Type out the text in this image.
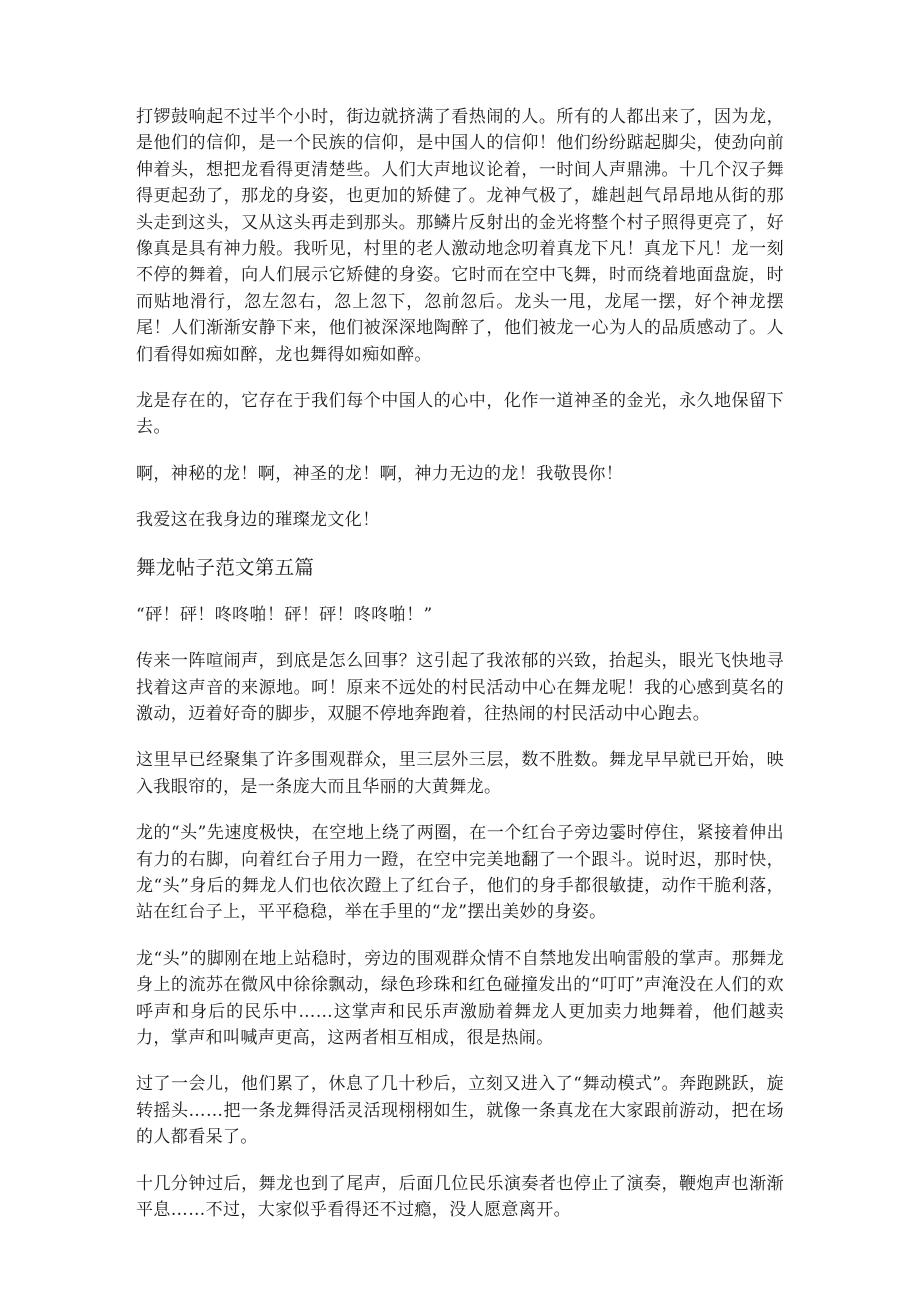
打锣鼓响起不过半个小时，街边就挤满了看热闹的人。所有的人都出来了，因为龙，是他们的信仰，是一个民族的信仰，是中国人的信仰！他们纷纷踮起脚尖，使劲向前伸着头，想把龙看得更清楚些。人们大声地议论着，一时间人声鼎沸。十几个汉子舞得更起劲了，那龙的身姿，也更加的矫健了。龙神气极了，雄赳赳气昂昂地从街的那头走到这头，又从这头再走到那头。那鳞片反射出的金光将整个村子照得更亮了，好像真是具有神力般。我听见，村里的老人激动地念叨着真龙下凡！真龙下凡！龙一刻不停的舞着，向人们展示它矫健的身姿。它时而在空中飞舞，时而绕着地面盘旋，时而贴地滑行，忽左忽右，忽上忽下，忽前忽后。龙头一甩，龙尾一摆，好个神龙摆尾！人们渐渐安静下来，他们被深深地陶醉了，他们被龙一心为人的品质感动了。人们看得如痴如醉，龙也舞得如痴如醉。

龙是存在的，它存在于我们每个中国人的心中，化作一道神圣的金光，永久地保留下去。

啊，神秘的龙！啊，神圣的龙！啊，神力无边的龙！我敬畏你！

我爱这在我身边的璀璨龙文化！

舞龙帖子范文第五篇

“砰！砰！咚咚啪！砰！砰！咚咚啪！”

传来一阵喧闹声，到底是怎么回事？这引起了我浓郁的兴致，抬起头，眼光飞快地寻找着这声音的来源地。呵！原来不远处的村民活动中心在舞龙呢！我的心感到莫名的激动，迈着好奇的脚步，双腿不停地奔跑着，往热闹的村民活动中心跑去。

这里早已经聚集了许多围观群众，里三层外三层，数不胜数。舞龙早早就已开始，映入我眼帘的，是一条庞大而且华丽的大黄舞龙。

龙的“头”先速度极快，在空地上绕了两圈，在一个红台子旁边霎时停住，紧接着伸出有力的右脚，向着红台子用力一蹬，在空中完美地翻了一个跟斗。说时迟，那时快，龙“头”身后的舞龙人们也依次蹬上了红台子，他们的身手都很敏捷，动作干脆利落，站在红台子上，平平稳稳，举在手里的“龙”摆出美妙的身姿。

龙“头”的脚刚在地上站稳时，旁边的围观群众情不自禁地发出响雷般的掌声。那舞龙身上的流苏在微风中徐徐飘动，绿色珍珠和红色碰撞发出的“叮叮”声淹没在人们的欢呼声和身后的民乐中……这掌声和民乐声激励着舞龙人更加卖力地舞着，他们越卖力，掌声和叫喊声更高，这两者相互相成，很是热闹。

过了一会儿，他们累了，休息了几十秒后，立刻又进入了“舞动模式”。奔跑跳跃，旋转摇头……把一条龙舞得活灵活现栩栩如生，就像一条真龙在大家跟前游动，把在场的人都看呆了。

十几分钟过后，舞龙也到了尾声，后面几位民乐演奏者也停止了演奏，鞭炮声也渐渐平息……不过，大家似乎看得还不过瘾，没人愿意离开。
